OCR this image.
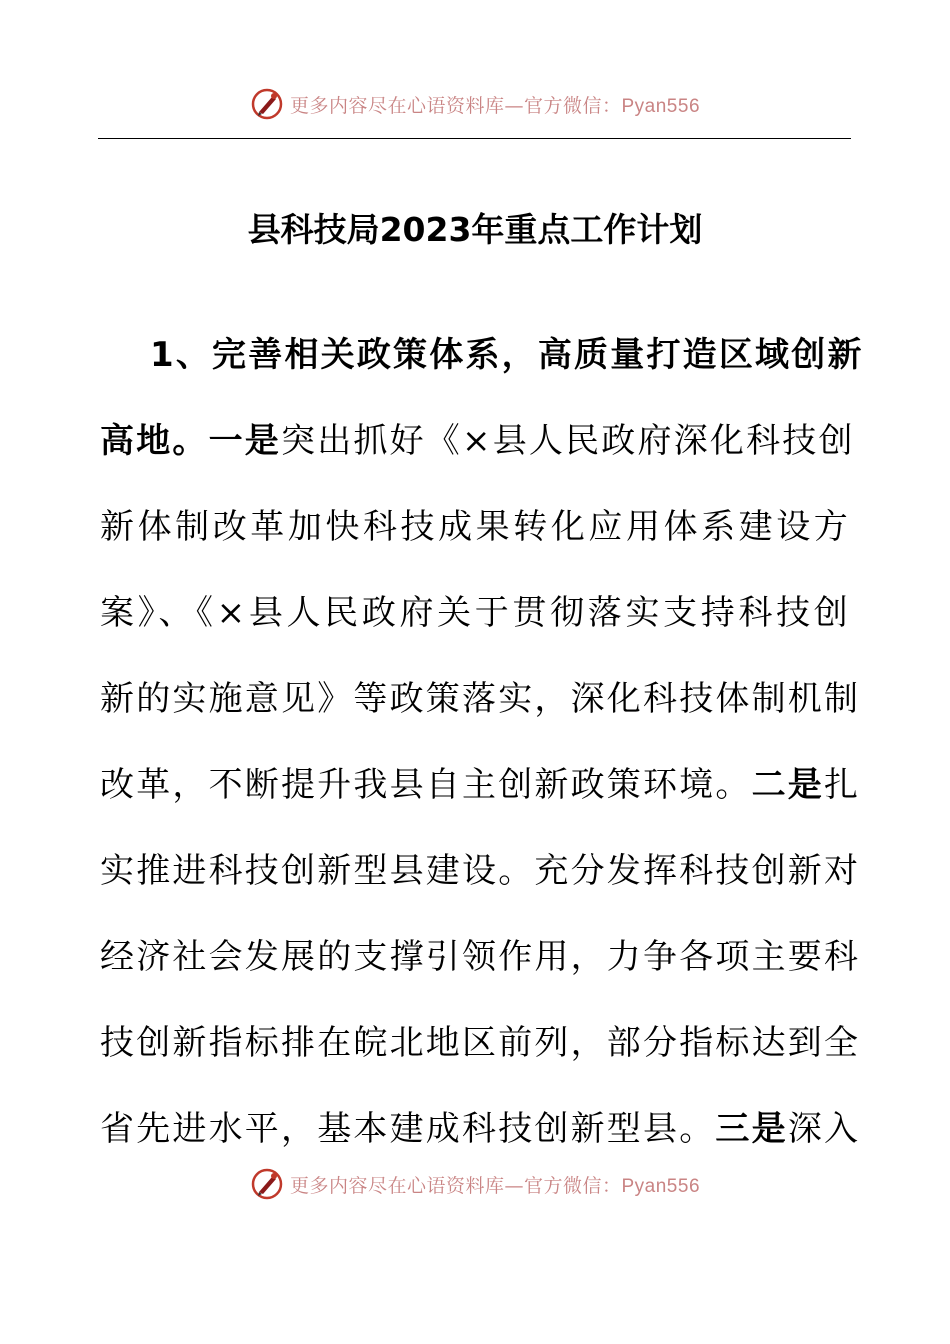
更多内容尽在心语资料库—官方微信：Pyan556
县科技局2023年重点工作计划
1、完善相关政策体系，高质量打造区域创新
高地。一是突出抓好《×县人民政府深化科技创
新体制改革加快科技成果转化应用体系建设方
案》、《×县人民政府关于贯彻落实支持科技创
新的实施意见》等政策落实，深化科技体制机制
改革，不断提升我县自主创新政策环境。二是扎
实推进科技创新型县建设。充分发挥科技创新对
经济社会发展的支撑引领作用，力争各项主要科
技创新指标排在皖北地区前列，部分指标达到全
省先进水平，基本建成科技创新型县。三是深入
更多内容尽在心语资料库—官方微信：Pyan556
